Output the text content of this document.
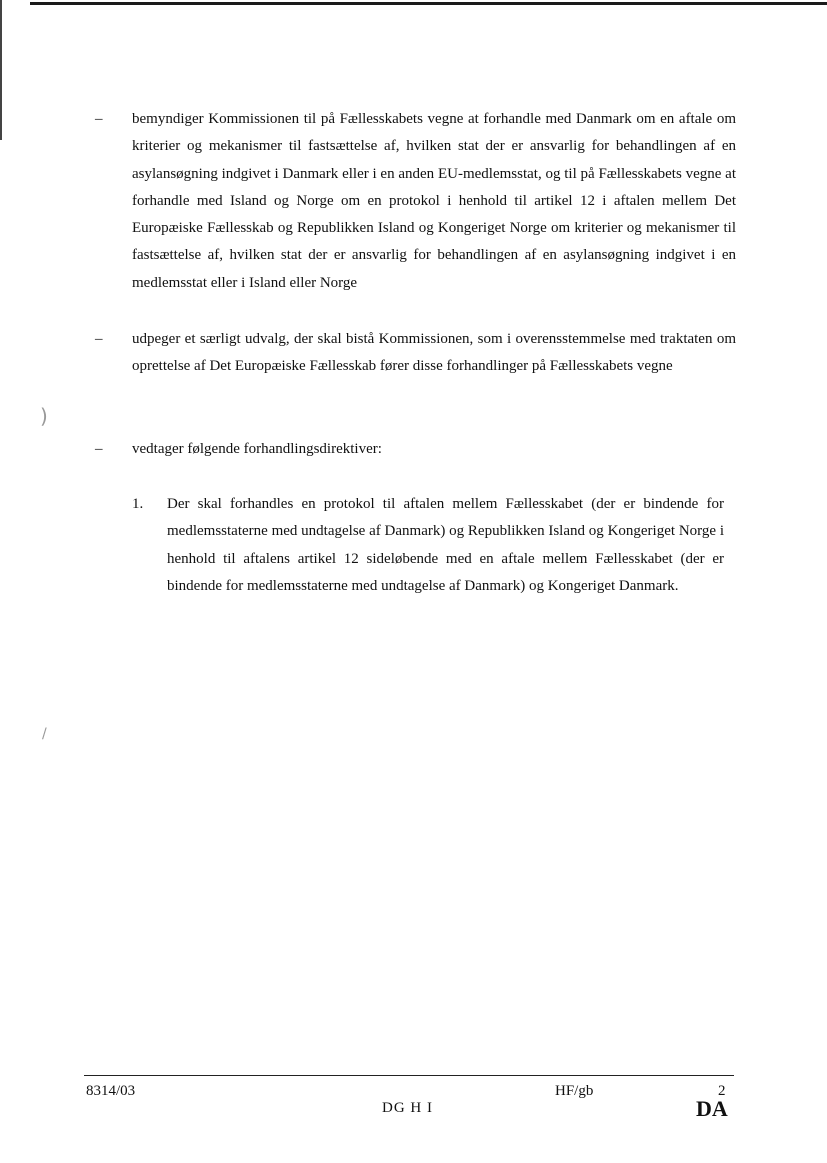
)
/
– bemyndiger Kommissionen til på Fællesskabets vegne at forhandle med Danmark om en aftale om kriterier og mekanismer til fastsættelse af, hvilken stat der er ansvarlig for behandlingen af en asylansøgning indgivet i Danmark eller i en anden EU-medlemsstat, og til på Fællesskabets vegne at forhandle med Island og Norge om en protokol i henhold til artikel 12 i aftalen mellem Det Europæiske Fællesskab og Republikken Island og Kongeriget Norge om kriterier og mekanismer til fastsættelse af, hvilken stat der er ansvarlig for behandlingen af en asylansøgning indgivet i en medlemsstat eller i Island eller Norge
– udpeger et særligt udvalg, der skal bistå Kommissionen, som i overensstemmelse med traktaten om oprettelse af Det Europæiske Fællesskab fører disse forhandlinger på Fællesskabets vegne
– vedtager følgende forhandlingsdirektiver:
1. Der skal forhandles en protokol til aftalen mellem Fællesskabet (der er bindende for medlemsstaterne med undtagelse af Danmark) og Republikken Island og Kongeriget Norge i henhold til aftalens artikel 12 sideløbende med en aftale mellem Fællesskabet (der er bindende for medlemsstaterne med undtagelse af Danmark) og Kongeriget Danmark.
8314/03
DG H I
HF/gb	2
DA
